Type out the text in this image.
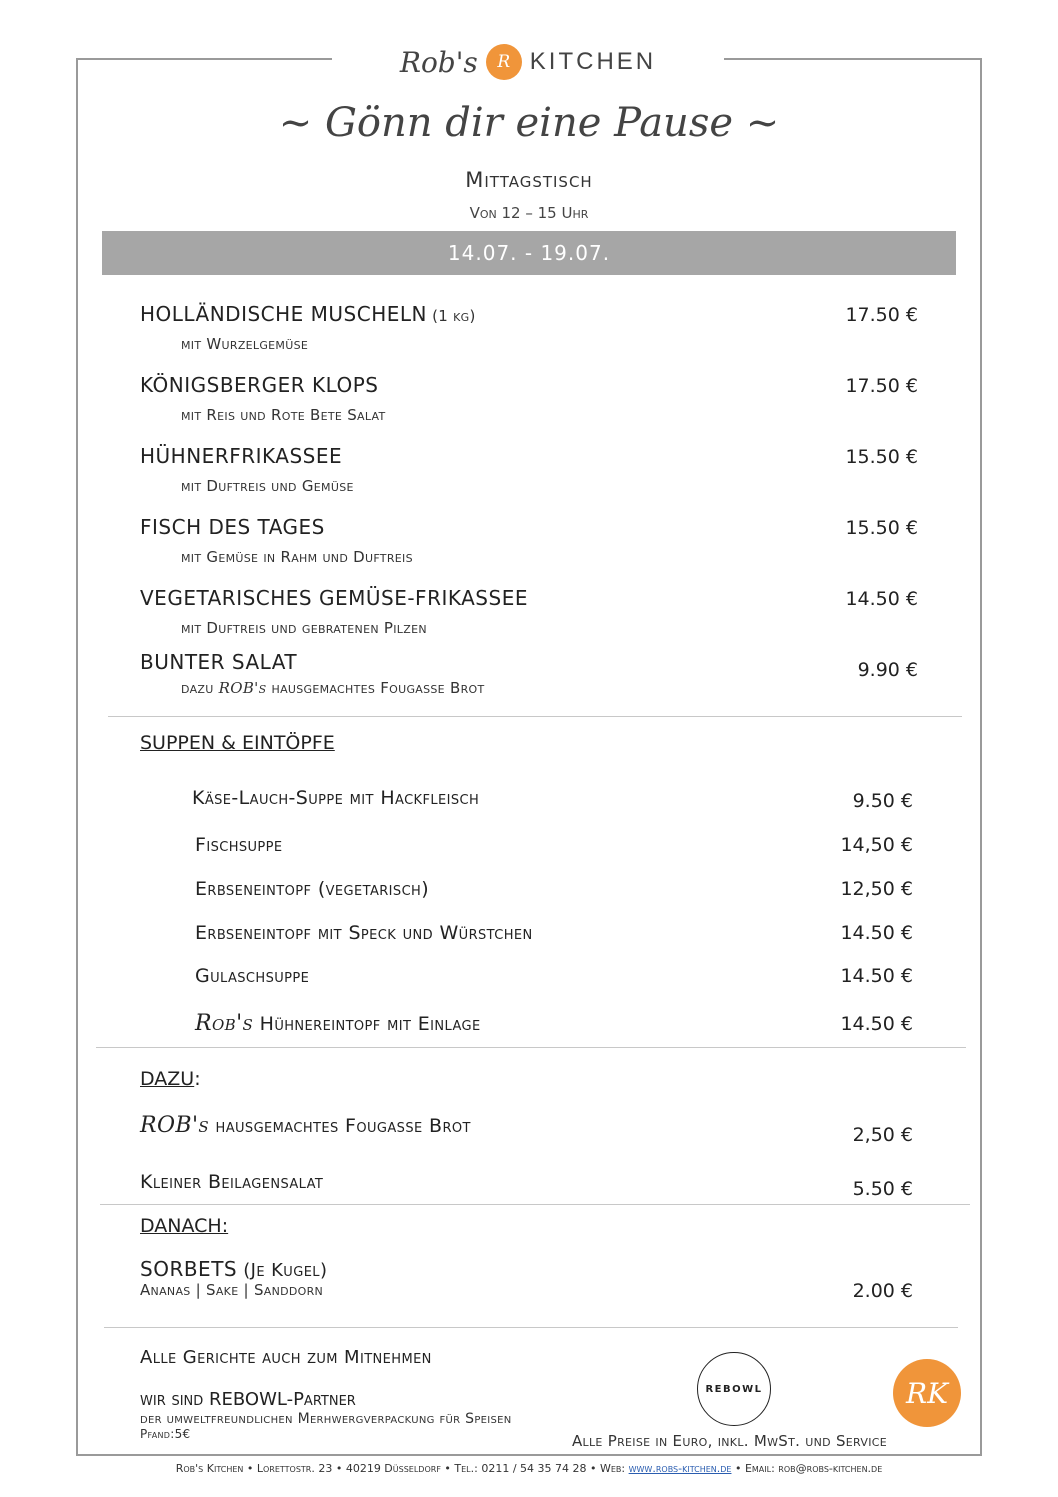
Rob's	R KITCHEN
~ Gönn dir eine Pause ~
Mittagstisch
Von 12 – 15 Uhr
14.07. - 19.07.
HOLLÄNDISCHE MUSCHELN (1 kg)
mit Wurzelgemüse
17.50 €
KÖNIGSBERGER KLOPS
mit Reis und Rote Bete Salat
17.50 €
HÜHNERFRIKASSEE
mit Duftreis und Gemüse
15.50 €
FISCH DES TAGES
mit Gemüse in Rahm und Duftreis
15.50 €
VEGETARISCHES GEMÜSE-FRIKASSEE
mit Duftreis und gebratenen Pilzen
14.50 €
BUNTER SALAT
dazu ROB's hausgemachtes Fougasse Brot
9.90 €
SUPPEN & EINTÖPFE
Käse-Lauch-Suppe mit Hackfleisch	9.50 €
Fischsuppe	14,50 €
Erbseneintopf (vegetarisch)	12,50 €
Erbseneintopf mit Speck und Würstchen	14.50 €
Gulaschsuppe	14.50 €
Rob's Hühnereintopf mit Einlage	14.50 €
DAZU:
ROB's hausgemachtes Fougasse Brot	2,50 €
Kleiner Beilagensalat	5.50 €
DANACH:
SORBETS (Je Kugel)
Ananas | Sake | Sanddorn	2.00 €
Alle Gerichte auch zum Mitnehmen
wir sind REBOWL-Partner
der umweltfreundlichen Merhwergverpackung für Speisen
Pfand:5€	Alle Preise in Euro, inkl. MwSt. und Service
REBOWL	RK
Rob's Kitchen • Lorettostr. 23 • 40219 Düsseldorf • Tel.: 0211 / 54 35 74 28 • Web: www.robs-kitchen.de • Email: rob@robs-kitchen.de
